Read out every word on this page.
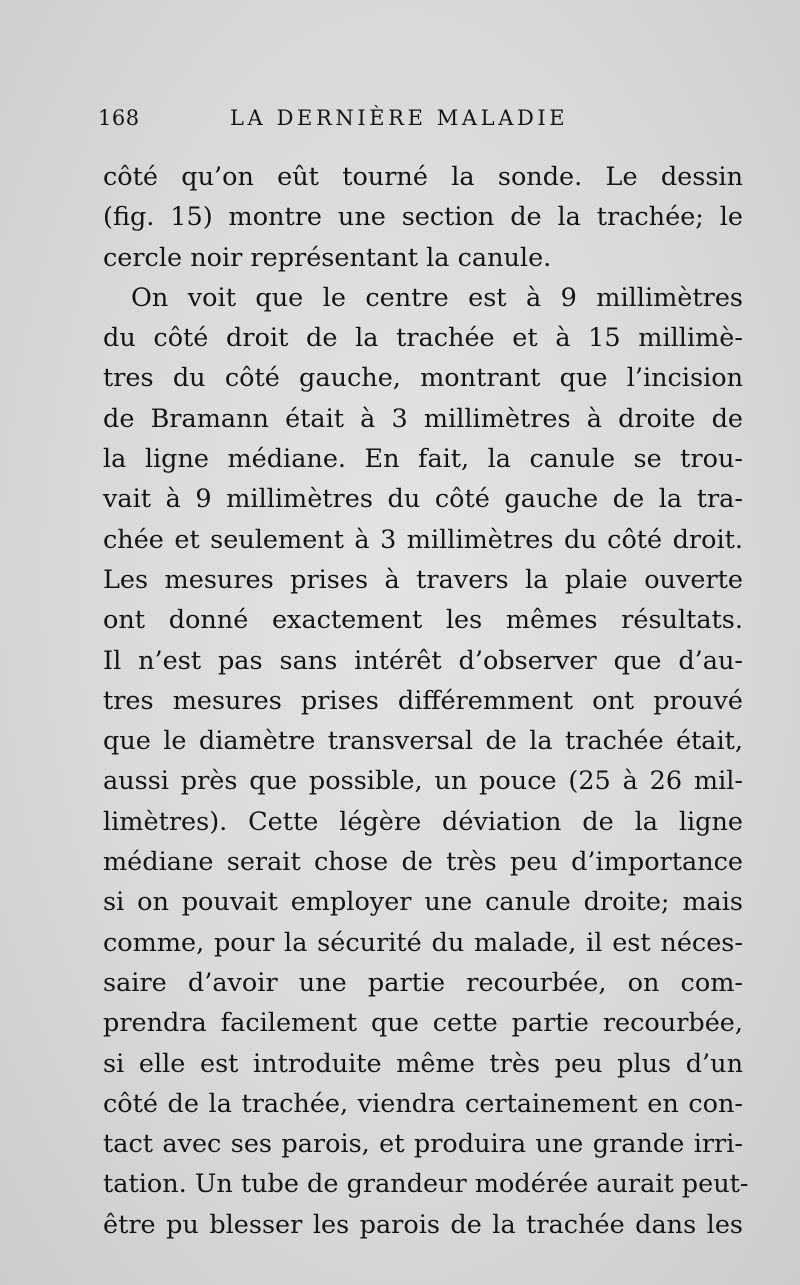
168	LA DERNIÈRE MALADIE
côté qu’on eût tourné la sonde. Le dessin
(fig. 15) montre une section de la trachée; le
cercle noir représentant la canule.
On voit que le centre est à 9 millimètres
du côté droit de la trachée et à 15 millimè-
tres du côté gauche, montrant que l’incision
de Bramann était à 3 millimètres à droite de
la ligne médiane. En fait, la canule se trou-
vait à 9 millimètres du côté gauche de la tra-
chée et seulement à 3 millimètres du côté droit.
Les mesures prises à travers la plaie ouverte
ont donné exactement les mêmes résultats.
Il n’est pas sans intérêt d’observer que d’au-
tres mesures prises différemment ont prouvé
que le diamètre transversal de la trachée était,
aussi près que possible, un pouce (25 à 26 mil-
limètres). Cette légère déviation de la ligne
médiane serait chose de très peu d’importance
si on pouvait employer une canule droite; mais
comme, pour la sécurité du malade, il est néces-
saire d’avoir une partie recourbée, on com-
prendra facilement que cette partie recourbée,
si elle est introduite même très peu plus d’un
côté de la trachée, viendra certainement en con-
tact avec ses parois, et produira une grande irri-
tation. Un tube de grandeur modérée aurait peut-
être pu blesser les parois de la trachée dans les
